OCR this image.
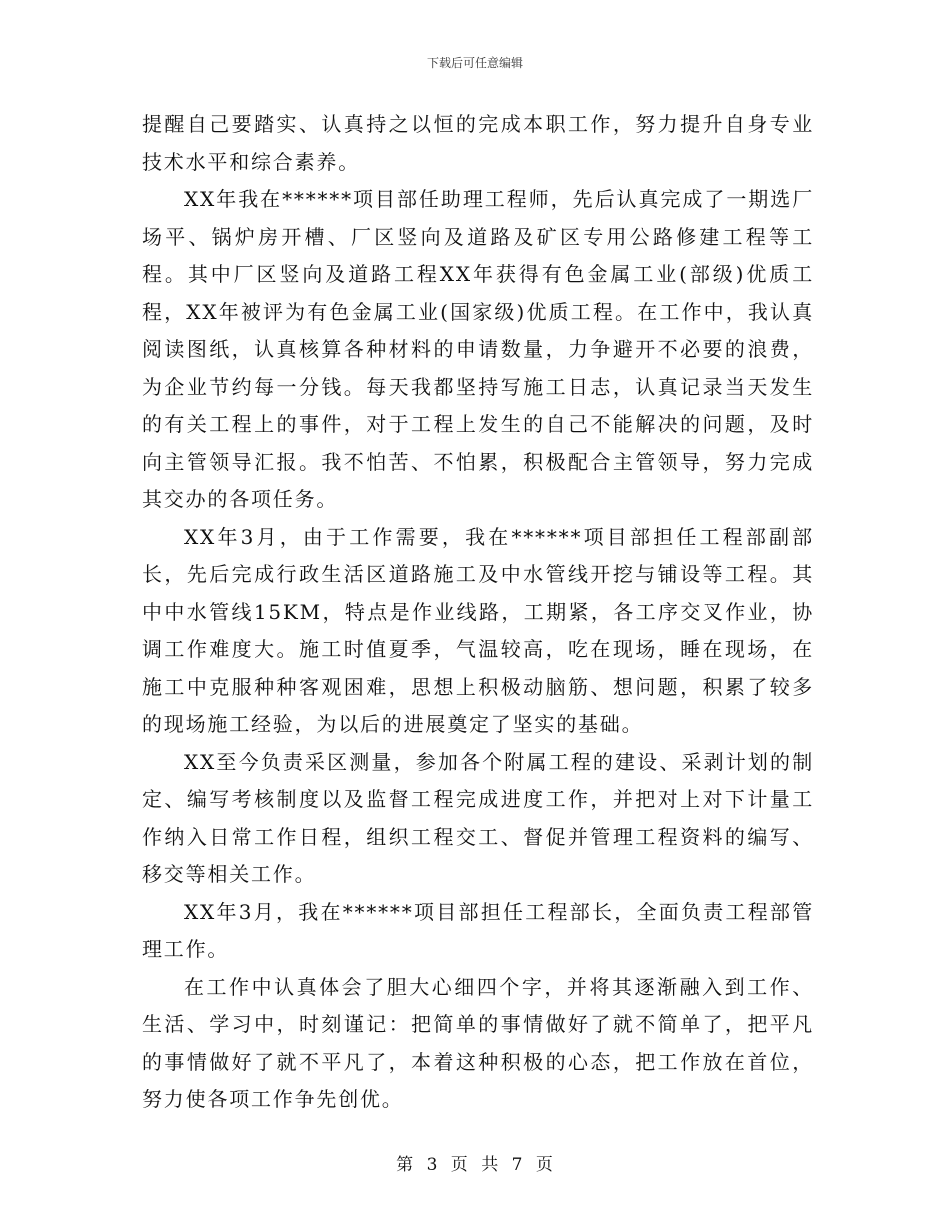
下载后可任意编辑

提醒自己要踏实、认真持之以恒的完成本职工作，努力提升自身专业技术水平和综合素养。

XX年我在******项目部任助理工程师，先后认真完成了一期选厂场平、锅炉房开槽、厂区竖向及道路及矿区专用公路修建工程等工程。其中厂区竖向及道路工程XX年获得有色金属工业(部级)优质工程，XX年被评为有色金属工业(国家级)优质工程。在工作中，我认真阅读图纸，认真核算各种材料的申请数量，力争避开不必要的浪费，为企业节约每一分钱。每天我都坚持写施工日志，认真记录当天发生的有关工程上的事件，对于工程上发生的自己不能解决的问题，及时向主管领导汇报。我不怕苦、不怕累，积极配合主管领导，努力完成其交办的各项任务。

XX年3月，由于工作需要，我在******项目部担任工程部副部长，先后完成行政生活区道路施工及中水管线开挖与铺设等工程。其中中水管线15KM，特点是作业线路，工期紧，各工序交叉作业，协调工作难度大。施工时值夏季，气温较高，吃在现场，睡在现场，在施工中克服种种客观困难，思想上积极动脑筋、想问题，积累了较多的现场施工经验，为以后的进展奠定了坚实的基础。

XX至今负责采区测量，参加各个附属工程的建设、采剥计划的制定、编写考核制度以及监督工程完成进度工作，并把对上对下计量工作纳入日常工作日程，组织工程交工、督促并管理工程资料的编写、移交等相关工作。

XX年3月，我在******项目部担任工程部长，全面负责工程部管理工作。

在工作中认真体会了胆大心细四个字，并将其逐渐融入到工作、生活、学习中，时刻谨记：把简单的事情做好了就不简单了，把平凡的事情做好了就不平凡了，本着这种积极的心态，把工作放在首位，努力使各项工作争先创优。

第 3 页 共 7 页
